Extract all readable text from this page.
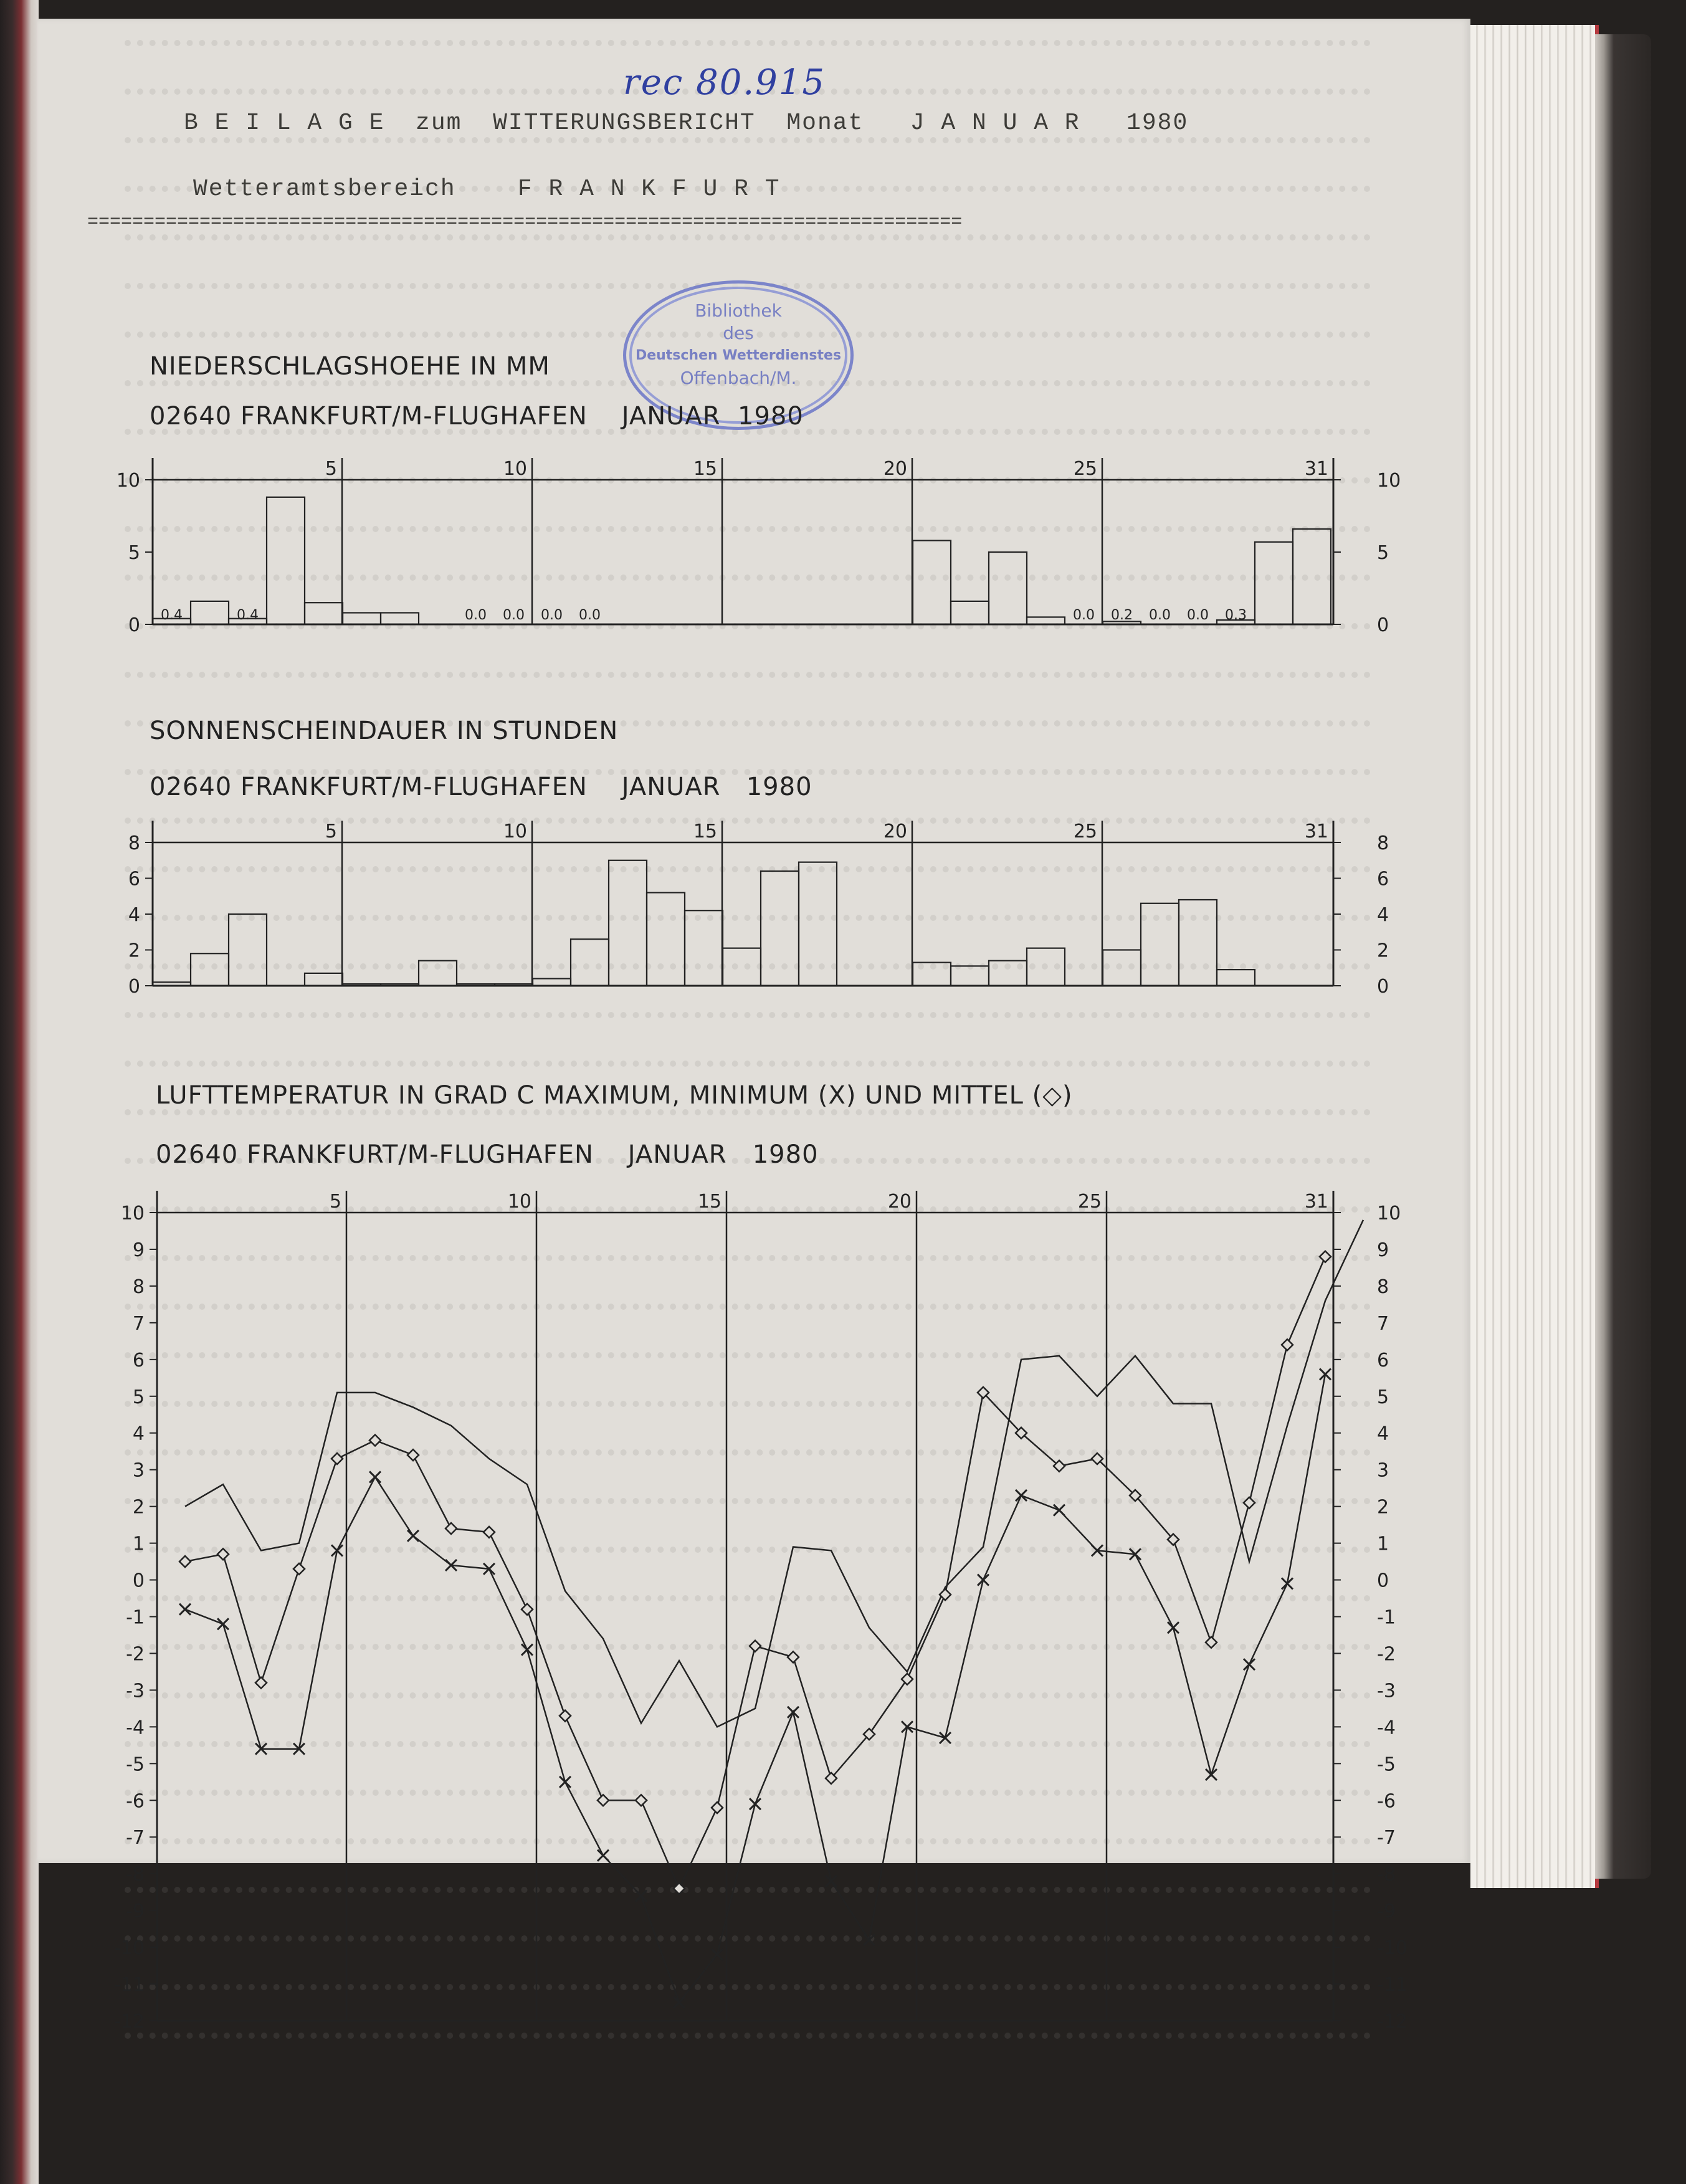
B E I L A G E  zum  WITTERUNGSBERICHT  Monat   J A N U A R   1980
Wetteramtsbereich    F R A N K F U R T
==============================================================================
rec 80.915
Bibliothek
des
Deutschen Wetterdienstes
Offenbach/M.
NIEDERSCHLAGSHOEHE IN MM
02640 FRANKFURT/M-FLUGHAFEN    JANUAR  1980
SONNENSCHEINDAUER IN STUNDEN
02640 FRANKFURT/M-FLUGHAFEN    JANUAR   1980
LUFTTEMPERATUR IN GRAD C MAXIMUM, MINIMUM (X) UND MITTEL (◇)
02640 FRANKFURT/M-FLUGHAFEN    JANUAR   1980
5	10	15	20	25	31
0
5
10
0
5
10
0.4	0.4	0.0 0.0 0.0 0.0	0.0 0.2 0.0 0.0 0.3
5	10	15	20	25	31
0
2
4
6
8
0
2
4
6
8
5	10	15	20	25	31
-12
-11
-10
-9
-8
-7
-6
-5
-4
-3
-2
-1
0
1
2
3
4
5
6
7
8
9
10
-12
-11
-10
-9
-8
-7
-6
-5
-4
-3
-2
-1
0
1
2
3
4
5
6
7
8
9
10
